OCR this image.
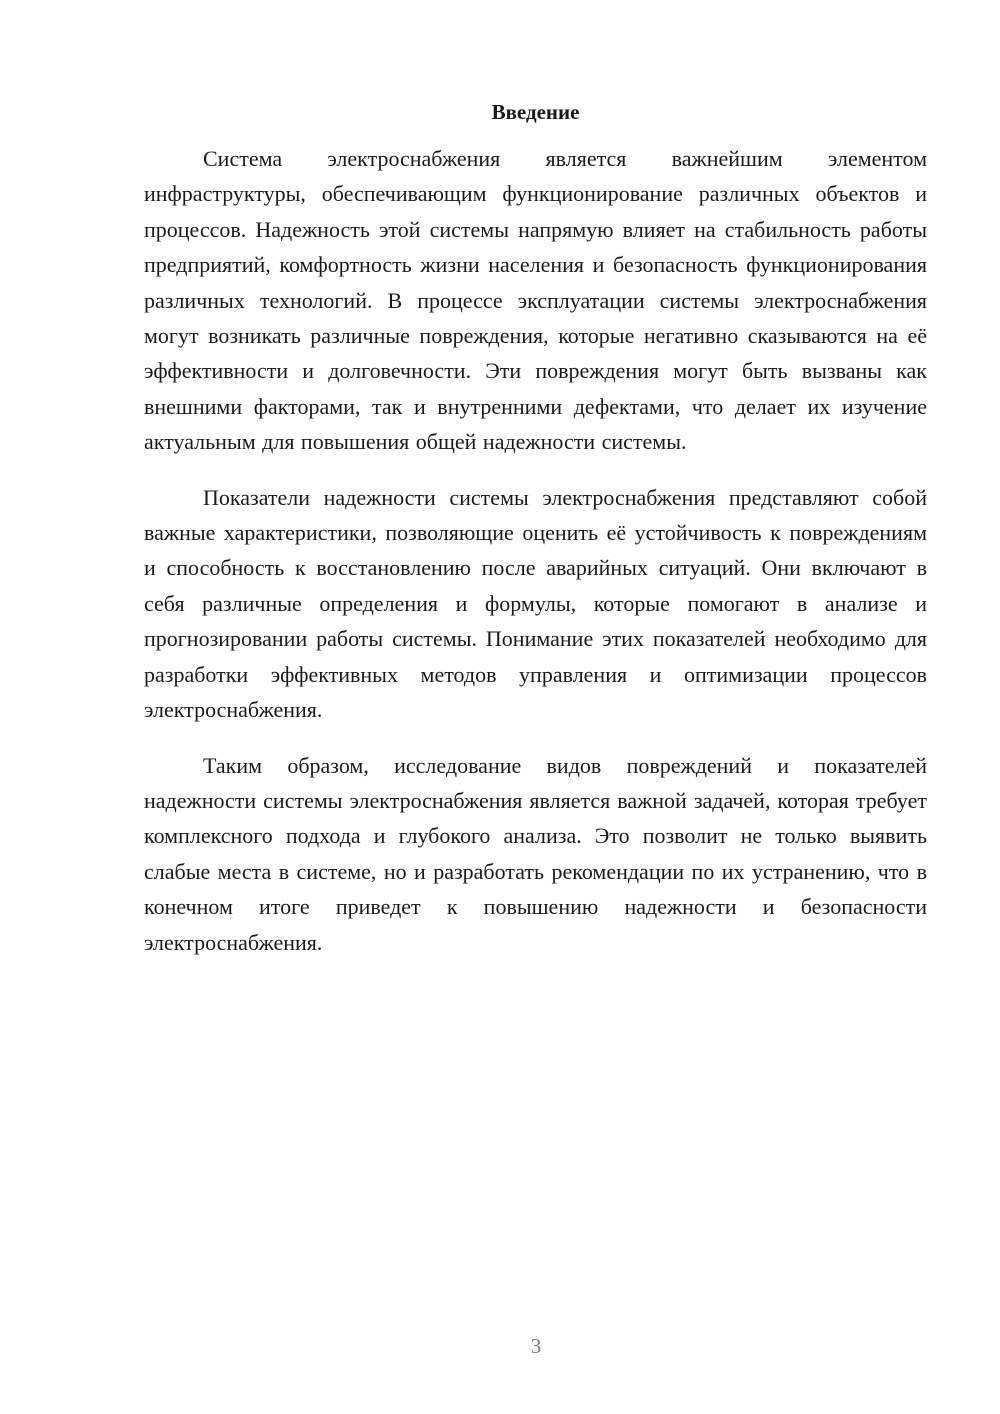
Введение

Система электроснабжения является важнейшим элементом инфраструктуры, обеспечивающим функционирование различных объектов и процессов. Надежность этой системы напрямую влияет на стабильность работы предприятий, комфортность жизни населения и безопасность функционирования различных технологий. В процессе эксплуатации системы электроснабжения могут возникать различные повреждения, которые негативно сказываются на её эффективности и долговечности. Эти повреждения могут быть вызваны как внешними факторами, так и внутренними дефектами, что делает их изучение актуальным для повышения общей надежности системы.

Показатели надежности системы электроснабжения представляют собой важные характеристики, позволяющие оценить её устойчивость к повреждениям и способность к восстановлению после аварийных ситуаций. Они включают в себя различные определения и формулы, которые помогают в анализе и прогнозировании работы системы. Понимание этих показателей необходимо для разработки эффективных методов управления и оптимизации процессов электроснабжения.

Таким образом, исследование видов повреждений и показателей надежности системы электроснабжения является важной задачей, которая требует комплексного подхода и глубокого анализа. Это позволит не только выявить слабые места в системе, но и разработать рекомендации по их устранению, что в конечном итоге приведет к повышению надежности и безопасности электроснабжения.

3
